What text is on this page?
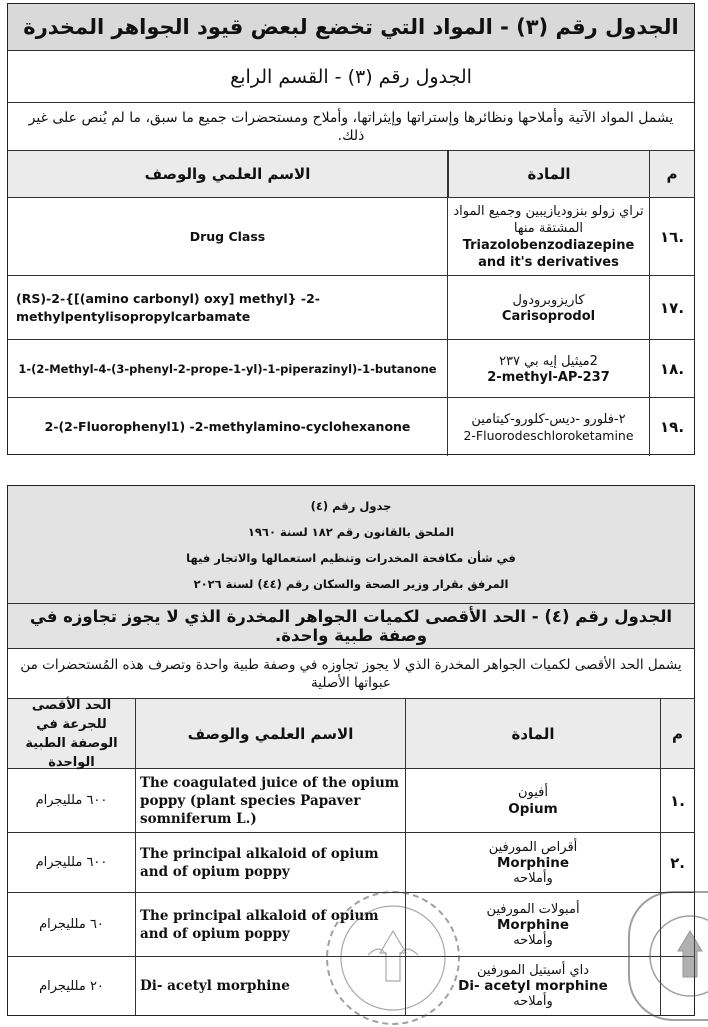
الجدول رقم (٣) - المواد التي تخضع لبعض قيود الجواهر المخدرة
الجدول رقم (٣) - القسم الرابع
يشمل المواد الآتية وأملاحها ونظائرها وإستراتها وإيثراتها، وأملاح ومستحضرات جميع ما سبق، ما لم يُنص على غير ذلك.
م
المادة
الاسم العلمي والوصف
.١٦
تراي زولو بنزوديازيبين وجميع المواد المشتقة منها
Triazolobenzodiazepine and it's derivatives
Drug Class
.١٧
كاريزوبرودول
Carisoprodol
(RS)-2-{[(amino carbonyl) oxy] methyl} -2-methylpentylisopropylcarbamate
.١٨
2ميثيل إيه بي ٢٣٧
2-methyl-AP-237
1-(2-Methyl-4-(3-phenyl-2-prope-1-yl)-1-piperazinyl)-1-butanone
.١٩
٢-فلورو -ديس-كلورو-كيتامين
2-Fluorodeschloroketamine
2-(2-Fluorophenyl1) -2-methylamino-cyclohexanone
جدول رقم (٤)
الملحق بالقانون رقم ١٨٢ لسنة ١٩٦٠
في شأن مكافحة المخدرات وتنظيم استعمالها والاتجار فيها
المرفق بقرار وزير الصحة والسكان رقم (٤٤) لسنة ٢٠٢٦
الجدول رقم (٤) - الحد الأقصى لكميات الجواهر المخدرة الذي لا يجوز تجاوزه في وصفة طبية واحدة.
يشمل الحد الأقصى لكميات الجواهر المخدرة الذي لا يجوز تجاوزه في وصفة طبية واحدة وتصرف هذه المُستحضرات من عبواتها الأصلية
م
المادة
الاسم العلمي والوصف
الحد الأقصى للجرعة في الوصفة الطبية الواحدة
.١
أفيون
Opium
The coagulated juice of the opium poppy (plant species Papaver somniferum L.)
٦٠٠ ملليجرام
.٢
أقراص المورفين
Morphine
وأملاحه
The principal alkaloid of opium and of opium poppy
٦٠٠ ملليجرام
أمبولات المورفين
Morphine
وأملاحه
The principal alkaloid of opium and of opium poppy
٦٠ ملليجرام
داي أسيتيل المورفين
Di- acetyl morphine
وأملاحه
Di- acetyl morphine
٢٠ ملليجرام
